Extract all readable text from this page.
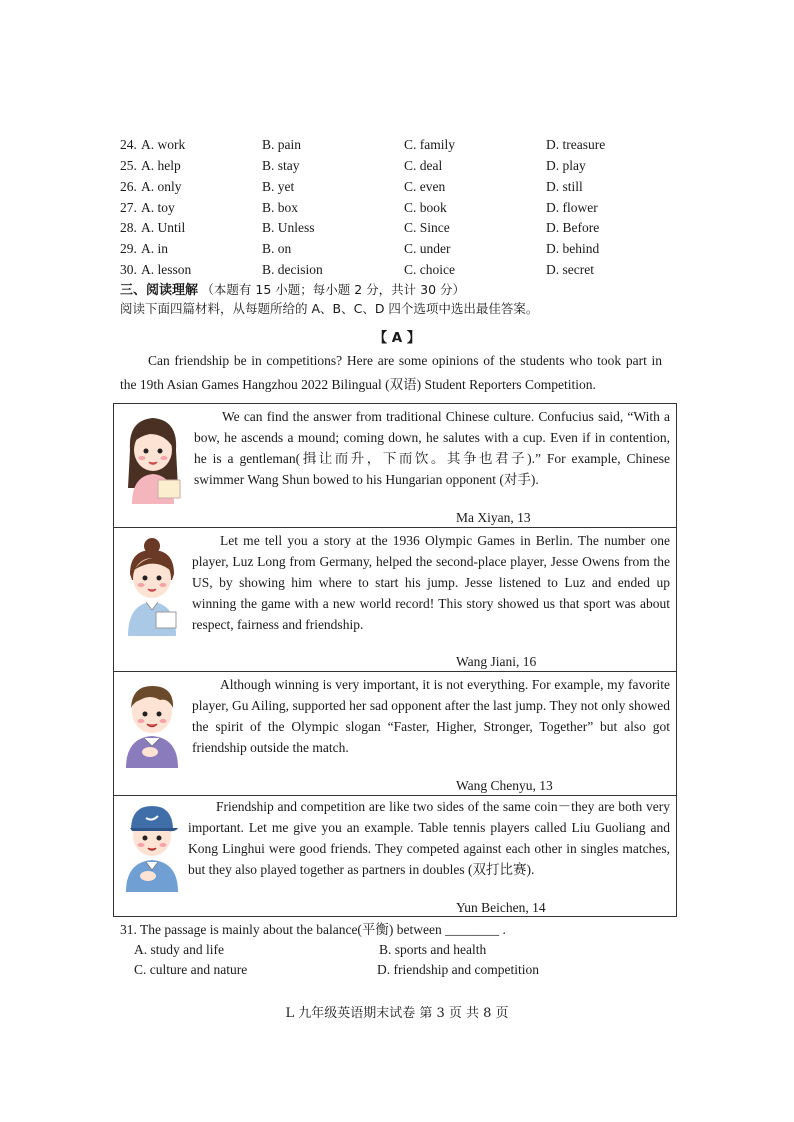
24. A. work	B. pain	C. family	D. treasure
25. A. help	B. stay	C. deal	D. play
26. A. only	B. yet	C. even	D. still
27. A. toy	B. box	C. book	D. flower
28. A. Until	B. Unless	C. Since	D. Before
29. A. in	B. on	C. under	D. behind
30. A. lesson	B. decision	C. choice	D. secret
三、阅读理解 （本题有 15 小题；每小题 2 分，共计 30 分）
阅读下面四篇材料，从每题所给的 A、B、C、D 四个选项中选出最佳答案。
【 A 】
Can friendship be in competitions? Here are some opinions of the students who took part in the 19th Asian Games Hangzhou 2022 Bilingual (双语) Student Reporters Competition.
We can find the answer from traditional Chinese culture. Confucius said, “With a bow, he ascends a mound; coming down, he salutes with a cup. Even if in contention, he is a gentleman(揖让而升，下而饮。其争也君子).” For example, Chinese swimmer Wang Shun bowed to his Hungarian opponent (对手).
Ma Xiyan, 13
Let me tell you a story at the 1936 Olympic Games in Berlin. The number one player, Luz Long from Germany, helped the second-place player, Jesse Owens from the US, by showing him where to start his jump. Jesse listened to Luz and ended up winning the game with a new world record! This story showed us that sport was about respect, fairness and friendship.
Wang Jiani, 16
Although winning is very important, it is not everything. For example, my favorite player, Gu Ailing, supported her sad opponent after the last jump. They not only showed the spirit of the Olympic slogan “Faster, Higher, Stronger, Together” but also got friendship outside the match.
Wang Chenyu, 13
Friendship and competition are like two sides of the same coin－they are both very important. Let me give you an example. Table tennis players called Liu Guoliang and Kong Linghui were good friends. They competed against each other in singles matches, but they also played together as partners in doubles (双打比赛).
Yun Beichen, 14
31. The passage is mainly about the balance(平衡) between ________ .
A. study and life	B. sports and health
C. culture and nature	D. friendship and competition
L 九年级英语期末试卷 第 3 页 共 8 页
